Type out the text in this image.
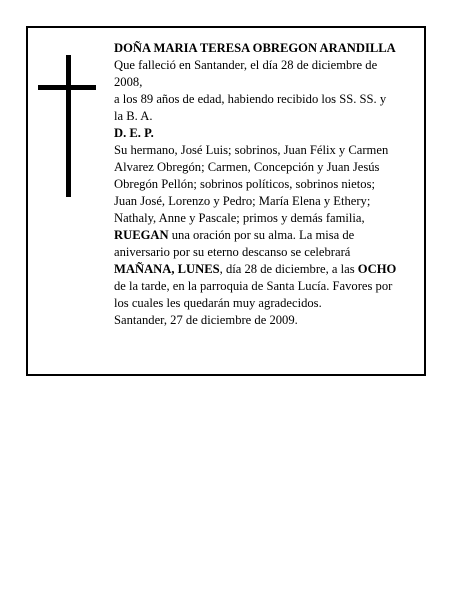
DOÑA MARIA TERESA OBREGON ARANDILLA
Que falleció en Santander, el día 28 de diciembre de
2008,
a los 89 años de edad, habiendo recibido los SS. SS. y
la B. A.
D. E. P.
Su hermano, José Luis; sobrinos, Juan Félix y Carmen
Alvarez Obregón; Carmen, Concepción y Juan Jesús
Obregón Pellón; sobrinos políticos, sobrinos nietos;
Juan José, Lorenzo y Pedro; María Elena y Ethery;
Nathaly, Anne y Pascale; primos y demás familia,
RUEGAN una oración por su alma. La misa de
aniversario por su eterno descanso se celebrará
MAÑANA, LUNES, día 28 de diciembre, a las OCHO
de la tarde, en la parroquia de Santa Lucía. Favores por
los cuales les quedarán muy agradecidos.
Santander, 27 de diciembre de 2009.
